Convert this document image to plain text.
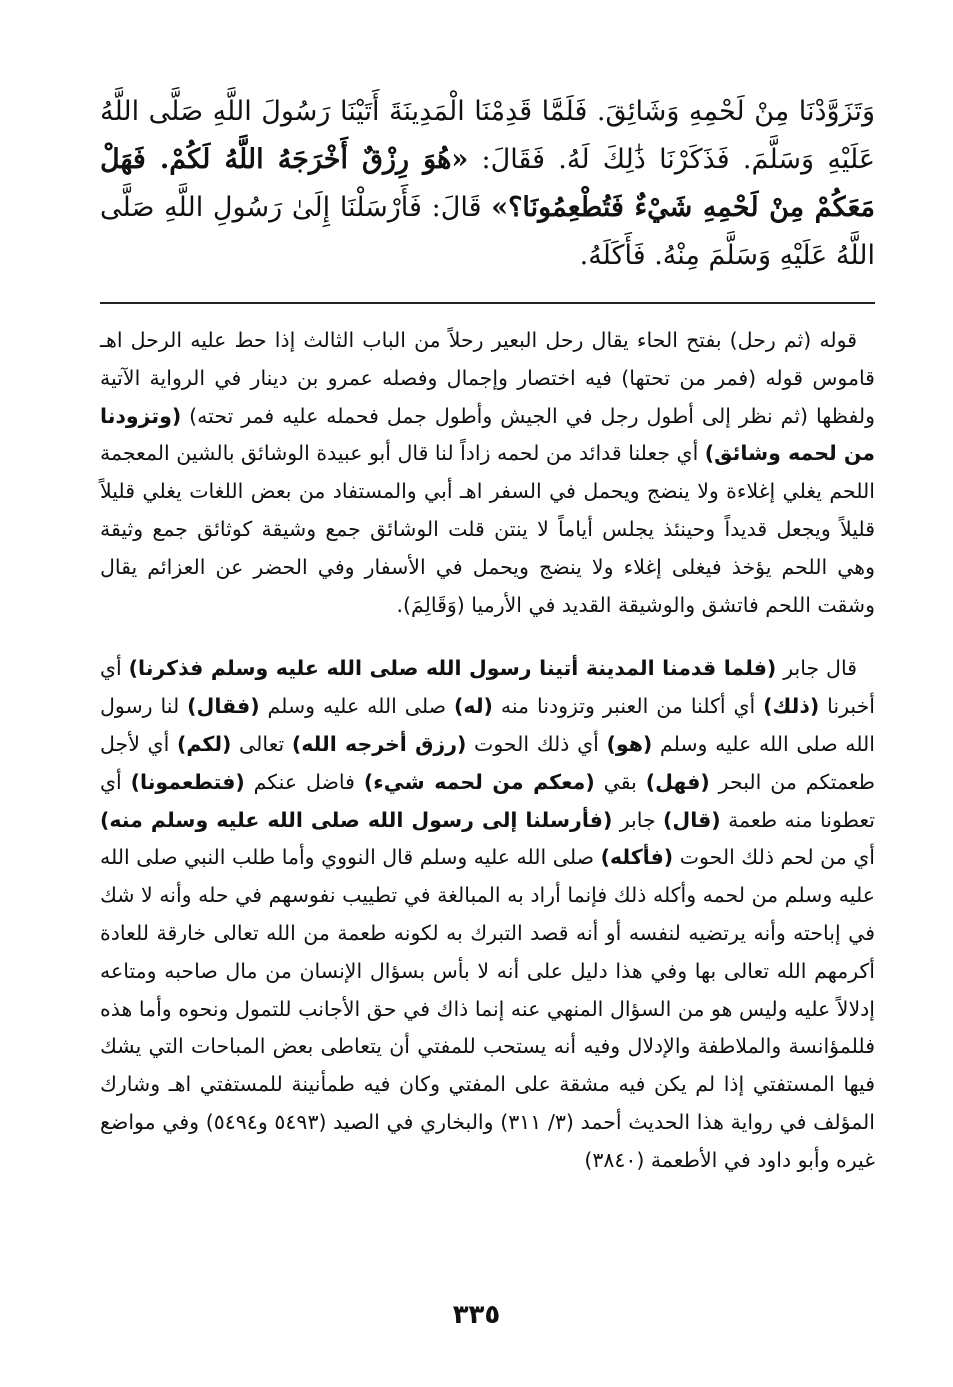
وَتَزَوَّدْنَا مِنْ لَحْمِهِ وَشَائِقَ. فَلَمَّا قَدِمْنَا الْمَدِينَةَ أَتَيْنَا رَسُولَ اللَّهِ صَلَّى اللَّهُ عَلَيْهِ وَسَلَّمَ. فَذَكَرْنَا ذَٰلِكَ لَهُ. فَقَالَ: «هُوَ رِزْقٌ أَخْرَجَهُ اللَّهُ لَكُمْ. فَهَلْ مَعَكُمْ مِنْ لَحْمِهِ شَيْءٌ فَتُطْعِمُونَا؟» قَالَ: فَأَرْسَلْنَا إِلَىٰ رَسُولِ اللَّهِ صَلَّى اللَّهُ عَلَيْهِ وَسَلَّمَ مِنْهُ. فَأَكَلَهُ.

قوله (ثم رحل) بفتح الحاء يقال رحل البعير رحلاً من الباب الثالث إذا حط عليه الرحل اهـ قاموس قوله (فمر من تحتها) فيه اختصار وإجمال وفصله عمرو بن دينار في الرواية الآتية ولفظها (ثم نظر إلى أطول رجل في الجيش وأطول جمل فحمله عليه فمر تحته) (وتزودنا من لحمه وشائق) أي جعلنا قدائد من لحمه زاداً لنا قال أبو عبيدة الوشائق بالشين المعجمة اللحم يغلي إغلاءة ولا ينضج ويحمل في السفر اهـ أبي والمستفاد من بعض اللغات يغلي قليلاً قليلاً ويجعل قديداً وحينئذ يجلس أياماً لا ينتن قلت الوشائق جمع وشيقة كوثائق جمع وثيقة وهي اللحم يؤخذ فيغلى إغلاء ولا ينضج ويحمل في الأسفار وفي الحضر عن العزائم يقال وشقت اللحم فاتشق والوشيقة القديد في الأرميا (وَقَالِمَ).

قال جابر (فلما قدمنا المدينة أتينا رسول الله صلى الله عليه وسلم فذكرنا) أي أخبرنا (ذلك) أي أكلنا من العنبر وتزودنا منه (له) صلى الله عليه وسلم (فقال) لنا رسول الله صلى الله عليه وسلم (هو) أي ذلك الحوت (رزق أخرجه الله) تعالى (لكم) أي لأجل طعمتكم من البحر (فهل) بقي (معكم من لحمه شيء) فاضل عنكم (فتطعمونا) أي تعطونا منه طعمة (قال) جابر (فأرسلنا إلى رسول الله صلى الله عليه وسلم منه) أي من لحم ذلك الحوت (فأكله) صلى الله عليه وسلم قال النووي وأما طلب النبي صلى الله عليه وسلم من لحمه وأكله ذلك فإنما أراد به المبالغة في تطييب نفوسهم في حله وأنه لا شك في إباحته وأنه يرتضيه لنفسه أو أنه قصد التبرك به لكونه طعمة من الله تعالى خارقة للعادة أكرمهم الله تعالى بها وفي هذا دليل على أنه لا بأس بسؤال الإنسان من مال صاحبه ومتاعه إدلالاً عليه وليس هو من السؤال المنهي عنه إنما ذاك في حق الأجانب للتمول ونحوه وأما هذه فللمؤانسة والملاطفة والإدلال وفيه أنه يستحب للمفتي أن يتعاطى بعض المباحات التي يشك فيها المستفتي إذا لم يكن فيه مشقة على المفتي وكان فيه طمأنينة للمستفتي اهـ وشارك المؤلف في رواية هذا الحديث أحمد (٣/ ٣١١) والبخاري في الصيد (٥٤٩٣ و٥٤٩٤) وفي مواضع غيره وأبو داود في الأطعمة (٣٨٤٠)

٣٣٥
